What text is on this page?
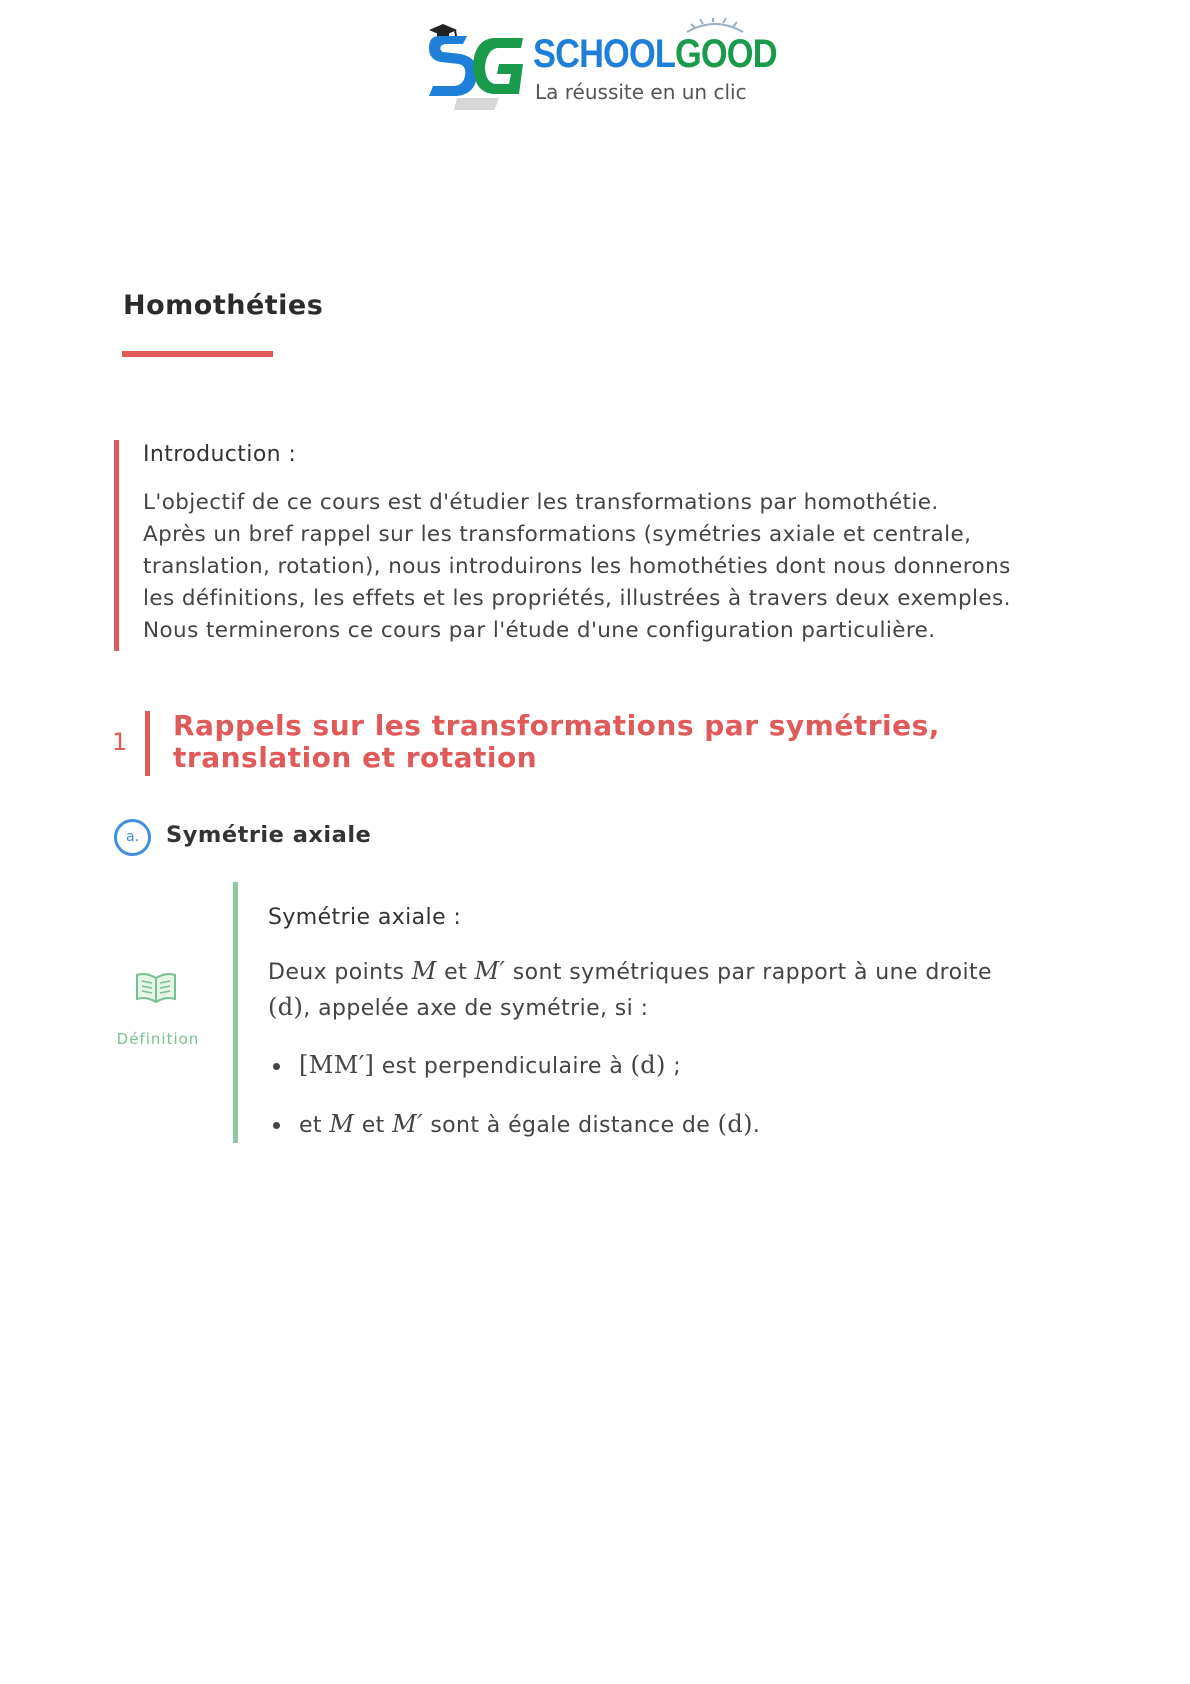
SCHOOLGOOD
La réussite en un clic
Homothéties
Introduction :

L'objectif de ce cours est d'étudier les transformations par homothétie.

Après un bref rappel sur les transformations (symétries axiale et centrale,

translation, rotation), nous introduirons les homothéties dont nous donnerons

les définitions, les effets et les propriétés, illustrées à travers deux exemples.

Nous terminerons ce cours par l'étude d'une configuration particulière.

1 Rappels sur les transformations par symétries, translation et rotation
a.	Symétrie axiale
Définition
Symétrie axiale :
Deux points M et M′ sont symétriques par rapport à une droite
(d), appelée axe de symétrie, si :
[MM′] est perpendiculaire à (d) ;
et M et M′ sont à égale distance de (d).
